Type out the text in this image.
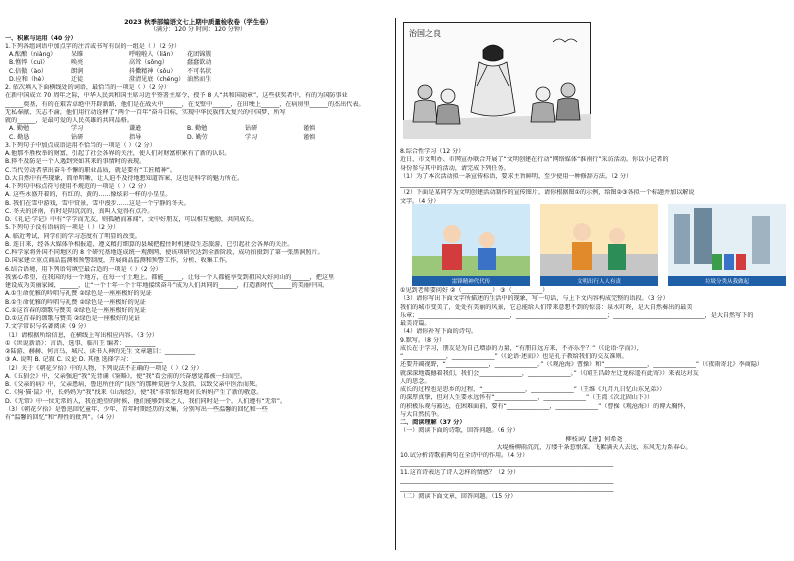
2023 秋季部编语文七上期中质量检收卷（学生卷）
（满分：120 分 时间：120 分钟）
一、积累与运用（40 分）
1.下列各组词语中加点字的注音或书写有误的一组是（ ）（2 分）
A.酝酿（niàng）	呆睢	呼啦啦人（liǎn）	花团锦簇
B.憔悴（cuì）	唤亮	高耸（sǒng）	蠢蠢欲动
C.倍傲（ào）	朗润	抖擞精神（sǒu）	不可名状
D.应和（hè）	迁徒	澄清见底（chéng） 油然而生
2. 依次填入下面横线处的词语，最恰当的一项是（ ）（2 分）
在新中国成立 70 周年之际，中华人民共和国主席习近平签署主席令，授予 8 人“共和国勋章”，这些获奖者中，有的为国防事业
______奠基，有的在艰苦卓绝中开辟新路，他们是在战火中______，在戈壁中______，在田埂上______，在病房里______的杰出代表。
无私奉献、矢志不渝，他们用行动诠释了“两个一百年”奋斗目标，实现中华民族伟大复兴的中国梦，所写
就的______，是最可爱的人民英雄的共同品格。
A. 勤勉	学习	谦逊	B. 勤勉	钻研	谨慎
C. 勤恳	钻研	指导	D. 勤劳	学习	谨慎
3.下列句子中加点成语运用不恰当的一项是（ ）（2 分）
A.他那不胜枚举的财富，引起了社会各界的关注，使人们对财富积累有了新的认识。
B.猝不及防是一个人遇到突如其来的事情时的表现。
C.当代劳动者拿出奋斗不懈的职业品质，就是要有“工匠精神”。
D.大自然中有些现象，简单明晰，让人迫不及待地想知道答案，这也是科学的魅力所在。
4.下列句中标点符号使用不规范的一项是（ ）（2 分）
A. 这些永盛开着的，有红的、黄的……像炫彩一样的小星星。
B. 我们在雪中游戏，雪中赏景，雪中漫步……这是一个宁静的冬天。
C. 冬天的济南，有时是阴沉沉的，真叫人觉得有点冷。
D.《礼记·学记》中有“学学而无友，则孤陋而寡闻”，文中好朋友，可以相互勉励，共同成长。
5.下列句子没有语病的一项是（ ）（2 分）
A. 临近考试，同学们的学习态度有了明显的改变。
B. 连日来，经各大媒体争相报道，遵义精打细算的县城把握住时机建设生态旅游，已引起社会各界的关注。
C.科学家将外国不同地区的 8 个研究基地连成统一观测网，使该项研究达到全新阶段，成功拍摄到了第一张黑洞照片。
D.国家建立重点商品监测和预警制度，开展商品监测和预警工作，分析、收集工作。
6.结合语境，用下列语句填空最合适的一项是（ ）（2 分）
我衷心希望，在我国的每一个地方，在每一寸土地上，都能______，让每一个人都能享受到祖国大好河山的______，把这里
建设成为美丽家园，______，让“一个十年一个十年地接续奋斗”成为人们共同的______，打造新时代______的美丽中国。
A.①生命优雅的吟唱与礼赞 ②绿色是一座座极好的见证
B.①生命优雅的吟唱与礼赞 ②绿色是一座极好的见证
C.①这首春的颂歌与赞美 ②绿色是一座座极好的见证
D.①这首春的颂歌与赞美 ②绿色是一座极好的见证
7.文学常识与名著阅读（9 分）
（1）请根据所给信息，在横线上写出相应内容。（3 分）
①《世说新语》：言语、选事、临川王 编者：__________
②陆游、赫赫、何言乌、城尺、读书人神的先生 文章题目：__________
③ A. 说明 B. 记叙 C. 议论 D. 其他 选择学习：__________
（2）关于《朝花夕拾》中的人物，下列说法不正确的一项是（ ）（2 分）
A.《五猖会》中，父亲强迫“我”先背诵《鉴略》，使“我”看会前的兴奋感觉都被一扫而空。
B.《父亲的病》中，父亲患病，鲁迅所住的“良医”的那种荒唐令人发指，以致父亲中医治而死。
C.《狗·猫·鼠》中，长妈妈为“我”找来《山海经》，使“我”非常惊讶地对长妈妈产生了新的敬意。
D.《无常》中一位无常的人，我在绝望的时候，他们能够到来之人，我们同时是一个，人们遵有“无常”。
（3）《朝花夕拾》是鲁迅回忆童年、少年、青年时期经历的文集，分别写出一些温馨的回忆和一些
有“温馨的回忆”和“理性的批判”。（4 分）
治国之良
8.综合性学习（12 分）
近日，市文明办、市网宣办联合开展了“文明创建在行动”网络媒体“淮南行”采访活动。你以小记者的
身份参与其中的活动，请完成下列任务。
（1）为了本次活动拟一条宣传标语，要求主旨鲜明，至少使用一种修辞方法。（2 分）
______________________________________________________________________
（2）下面是某同学为文明创建活动制作的宣传图片，请你根据图①的示例，给图②③各拟一个标题并加以解说
文字。（4 分）
雷锋精神代代传	文明出行人人有责	垃圾分类从我做起
①见到老师要问好 ②（__________） ③（__________）
（3）请你写出下面文字所描述的生活中的现象，写一句话，与上下文内容构成完整的语段。（3 分）
我们的城市变美了，处处有美丽的风景，它总能给人们带来意想不到的惊喜：泉水叮咚，是大自然奏出的最美
乐章；______________________________，______________________________；______________________________，是大自然写下的
最美诗篇。
（4）请你补写下面的诗句。
9.默写。（8 分）
成长在于学习，朋友是为自己增添的力量，“有朋自远方来，不亦乐乎？”（《论语·学而》），
“______________，______________”（《论语·述而》）也是孔子教给我们的交友准则。
还要开阔视野，“______________，______________。”（《观沧海》曹操）和“______________，______________”（《夜雨寄北》李商隐）
就深深地震撼着我们，我们会______________，______________。”（《闻王昌龄左迁龙标遥有此寄》）来表达对友
人的思念。
成长的过程也是思乡的过程，“______________，______________”（王维《九月九日忆山东兄弟》）
的深厚真挚，但对人生要永远怀有“______________，______________”（王湾《次北固山下》）
的积极乐观与豁达，在困难面前，要有“______________，______________”（曹操《观沧海》）的博大胸怀，
与大自然抗争。
二、阅读理解（37 分）
（一）阅读下面的诗歌，回答问题。（6 分）
柳枝词/【唐】何希尧
大堤杨柳雨沉沉，万缕千条惹恨深。飞絮满天人去远，东风无力系春心。
10.试分析诗歌前两句在全诗中的作用。（4 分）
______________________________________________________________________
11.这首诗表达了诗人怎样的情感？（2 分）
______________________________________________________________________
______________________________________________________________________
（二）阅读下面文章，回答问题。（15 分）
